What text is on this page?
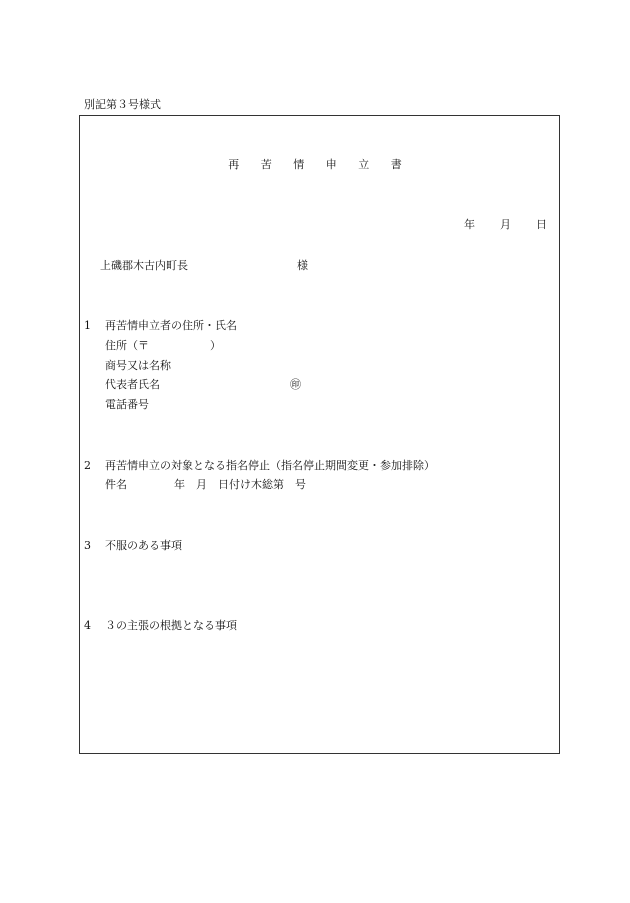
別記第３号様式
再 苦 情 申 立 書
年 月 日
上磯郡木古内町長	様
1 再苦情申立者の住所・氏名
住所（〒	）
商号又は名称
代表者氏名	㊞
電話番号
2 再苦情申立の対象となる指名停止（指名停止期間変更・参加排除）
件名	年　月　日付け木総第　号
3 不服のある事項
4 ３の主張の根拠となる事項
